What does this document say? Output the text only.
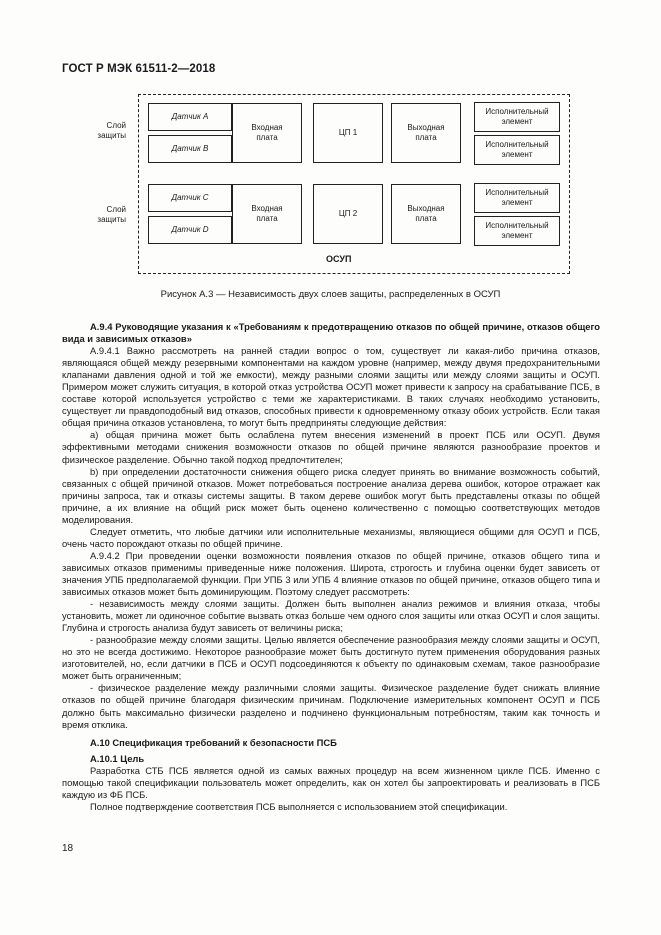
ГОСТ Р МЭК 61511-2—2018
Слой
защиты
Слой
защиты
Датчик А
Датчик В
Входная
плата
ЦП 1
Выходная
плата
Исполнительный
элемент
Исполнительный
элемент
Датчик С
Датчик D
Входная
плата
ЦП 2
Выходная
плата
Исполнительный
элемент
Исполнительный
элемент
ОСУП
Рисунок А.3 — Независимость двух слоев защиты, распределенных в ОСУП

А.9.4 Руководящие указания к «Требованиям к предотвращению отказов по общей причине, отказов общего вида и зависимых отказов»

А.9.4.1 Важно рассмотреть на ранней стадии вопрос о том, существует ли какая-либо причина отказов, являющаяся общей между резервными компонентами на каждом уровне (например, между двумя предохранительными клапанами давления одной и той же емкости), между разными слоями защиты или между слоями защиты и ОСУП. Примером может служить ситуация, в которой отказ устройства ОСУП может привести к запросу на срабатывание ПСБ, в составе которой используется устройство с теми же характеристиками. В таких случаях необходимо установить, существует ли правдоподобный вид отказов, способных привести к одновременному отказу обоих устройств. Если такая общая причина отказов установлена, то могут быть предприняты следующие действия:

а) общая причина может быть ослаблена путем внесения изменений в проект ПСБ или ОСУП. Двумя эффективными методами снижения возможности отказов по общей причине являются разнообразие проектов и физическое разделение. Обычно такой подход предпочтителен;

b) при определении достаточности снижения общего риска следует принять во внимание возможность событий, связанных с общей причиной отказов. Может потребоваться построение анализа дерева ошибок, которое отражает как причины запроса, так и отказы системы защиты. В таком дереве ошибок могут быть представлены отказы по общей причине, а их влияние на общий риск может быть оценено количественно с помощью соответствующих методов моделирования.

Следует отметить, что любые датчики или исполнительные механизмы, являющиеся общими для ОСУП и ПСБ, очень часто порождают отказы по общей причине.

А.9.4.2 При проведении оценки возможности появления отказов по общей причине, отказов общего типа и зависимых отказов применимы приведенные ниже положения. Широта, строгость и глубина оценки будет зависеть от значения УПБ предполагаемой функции. При УПБ 3 или УПБ 4 влияние отказов по общей причине, отказов общего типа и зависимых отказов может быть доминирующим. Поэтому следует рассмотреть:

- независимость между слоями защиты. Должен быть выполнен анализ режимов и влияния отказа, чтобы установить, может ли одиночное событие вызвать отказ больше чем одного слоя защиты или отказ ОСУП и слоя защиты. Глубина и строгость анализа будут зависеть от величины риска;

- разнообразие между слоями защиты. Целью является обеспечение разнообразия между слоями защиты и ОСУП, но это не всегда достижимо. Некоторое разнообразие может быть достигнуто путем применения оборудования разных изготовителей, но, если датчики в ПСБ и ОСУП подсоединяются к объекту по одинаковым схемам, такое разнообразие может быть ограниченным;

- физическое разделение между различными слоями защиты. Физическое разделение будет снижать влияние отказов по общей причине благодаря физическим причинам. Подключение измерительных компонент ОСУП и ПСБ должно быть максимально физически разделено и подчинено функциональным потребностям, таким как точность и время отклика.

А.10 Спецификация требований к безопасности ПСБ

А.10.1 Цель

Разработка СТБ ПСБ является одной из самых важных процедур на всем жизненном цикле ПСБ. Именно с помощью такой спецификации пользователь может определить, как он хотел бы запроектировать и реализовать в ПСБ каждую из ФБ ПСБ.

Полное подтверждение соответствия ПСБ выполняется с использованием этой спецификации.

18
